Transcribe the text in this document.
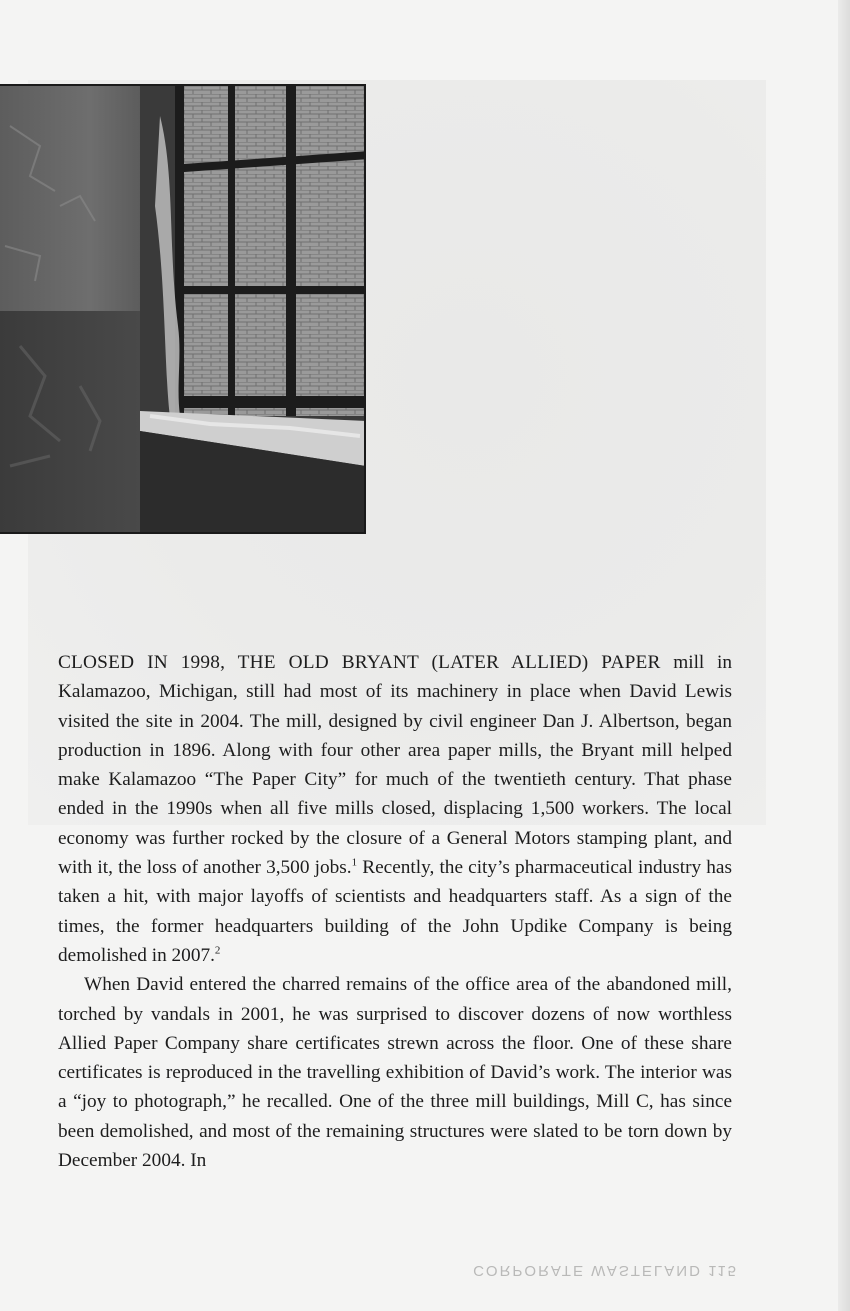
CLOSED IN 1998, THE OLD BRYANT (LATER ALLIED) PAPER mill in Kalamazoo, Michigan, still had most of its machinery in place when David Lewis visited the site in 2004. The mill, designed by civil engineer Dan J. Albertson, began production in 1896. Along with four other area paper mills, the Bryant mill helped make Kalamazoo “The Paper City” for much of the twentieth century. That phase ended in the 1990s when all five mills closed, displacing 1,500 workers. The local economy was further rocked by the closure of a General Motors stamping plant, and with it, the loss of another 3,500 jobs.$^1$ Recently, the city’s pharmaceutical industry has taken a hit, with major layoffs of scientists and headquarters staff. As a sign of the times, the former headquarters building of the John Updike Company is being demolished in 2007.$^2$

When David entered the charred remains of the office area of the abandoned mill, torched by vandals in 2001, he was surprised to discover dozens of now worthless Allied Paper Company share certificates strewn across the floor. One of these share certificates is reproduced in the travelling exhibition of David’s work. The interior was a “joy to photograph,” he recalled. One of the three mill buildings, Mill C, has since been demolished, and most of the remaining structures were slated to be torn down by December 2004. In

CORPORATE WASTELAND 115
